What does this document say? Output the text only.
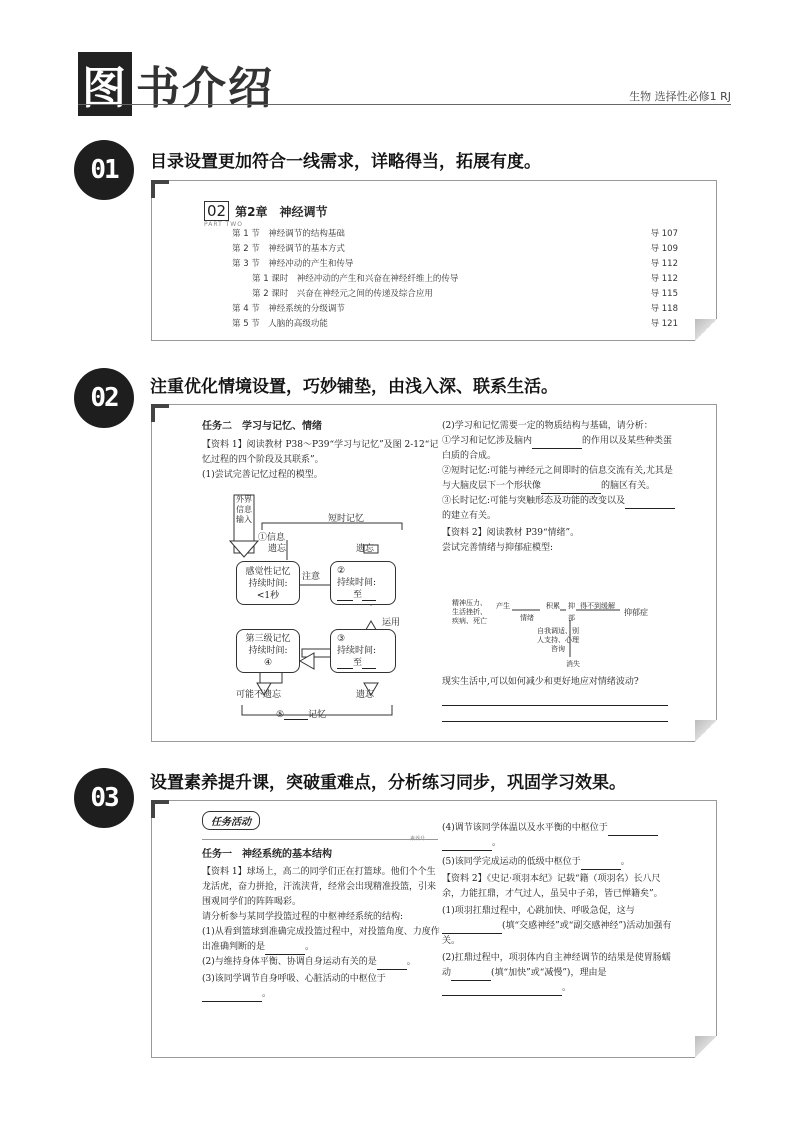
图 书介绍	生物 选择性必修1 RJ
01	目录设置更加符合一线需求，详略得当，拓展有度。
02 第2章　神经调节
PART TWO
第 1 节　神经调节的结构基础	导 107
第 2 节　神经调节的基本方式	导 109
第 3 节　神经冲动的产生和传导	导 112
第 1 课时　神经冲动的产生和兴奋在神经纤维上的传导	导 112
第 2 课时　兴奋在神经元之间的传递及综合应用	导 115
第 4 节　神经系统的分级调节	导 118
第 5 节　人脑的高级功能	导 121
02	注重优化情境设置，巧妙铺垫，由浅入深、联系生活。
任务二　学习与记忆、情绪
【资料 1】阅读教材 P38～P39“学习与记忆”及图 2-12“记忆过程的四个阶段及其联系”。
(1)尝试完善记忆过程的模型。
外界信息输入	短时记忆
①信息
遗忘	遗忘
感觉性记忆
持续时间:
<1秒
注意
②
持续时间:
至
运用
第三级记忆
持续时间:
④
③
持续时间:
至
可能不遗忘	遗忘
⑤	记忆
(2)学习和记忆需要一定的物质结构与基础，请分析：
①学习和记忆涉及脑内	的作用以及某些种类蛋白质的合成。
②短时记忆:可能与神经元之间即时的信息交流有关,尤其是与大脑皮层下一个形状像	的脑区有关。
③长时记忆:可能与突触形态及功能的改变以及的建立有关。
【资料 2】阅读教材 P39“情绪”。
尝试完善情绪与抑郁症模型:
精神压力、生活挫折、疾病、死亡
产生
情绪
积累 抑
部
得不到缓解
抑郁症
自我调适、别人支持、心理咨询
消失
现实生活中,可以如何减少和更好地应对情绪波动?
03	设置素养提升课，突破重难点，分析练习同步，巩固学习效果。
任务活动
素养升
任务一　神经系统的基本结构
【资料 1】球场上，高二的同学们正在打篮球。他们个个生龙活虎，奋力拼抢，汗流浃背，经常会出现精准投篮，引来围观同学们的阵阵喝彩。
请分析参与某同学投篮过程的中枢神经系统的结构:
(1)从看到篮球到准确完成投篮过程中，对投篮角度、力度作出准确判断的是	。
(2)与维持身体平衡、协调自身运动有关的是	。
(3)该同学调节自身呼吸、心脏活动的中枢位于。
(4)调节该同学体温以及水平衡的中枢位于。
(5)该同学完成运动的低级中枢位于	。
【资料 2】《史记·项羽本纪》记载“籍（项羽名）长八尺余，力能扛鼎，才气过人，虽吴中子弟，皆已惮籍矣”。
(1)项羽扛鼎过程中，心跳加快、呼吸急促，这与(填“交感神经”或“副交感神经”)活动加强有关。
(2)扛鼎过程中，项羽体内自主神经调节的结果是使胃肠蠕动	(填“加快”或“减慢”)，理由是。
